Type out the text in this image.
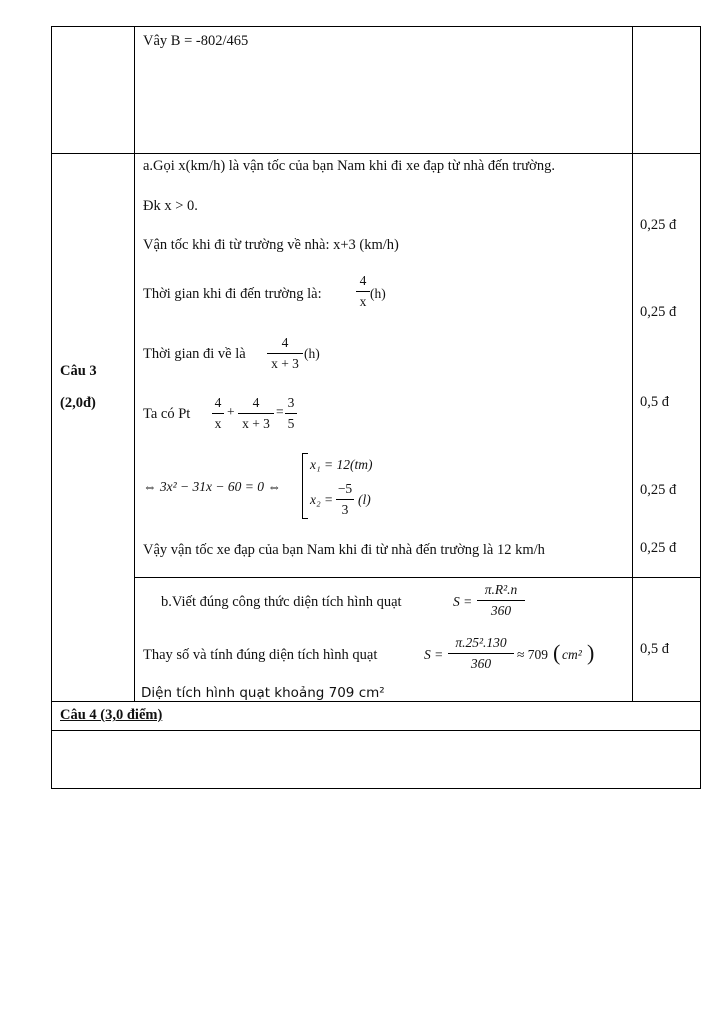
Vây B = -802/465
Câu 3
(2,0đ)
a.Gọi x(km/h) là vận tốc của bạn Nam khi đi xe đạp từ nhà đến trường.
Đk x > 0.
Vận tốc khi đi từ trường về nhà: x+3 (km/h)
Thời gian khi đi đến trường là:
4
x
(h)
Thời gian đi về là
4
x + 3
(h)
Ta có Pt
4
x
+
4
x + 3
=
3
5
⇔ 3x² − 31x − 60 = 0 ⇔
x₁ = 12(tm)
x₂ =
−5
3
(l)
Vậy vận tốc xe đạp của bạn Nam khi đi từ nhà đến trường là 12 km/h
b.Viết đúng công thức diện tích hình quạt	S =
π.R².n
360
Thay số và tính đúng diện tích hình quạt	S =
π.25².130
360
≈ 709 ( cm² )
Diện tích hình quạt khoảng 709 cm²
0,25 đ
0,25 đ
0,5 đ
0,25 đ
0,25 đ
0,5 đ
Câu 4 (3,0 điểm)
